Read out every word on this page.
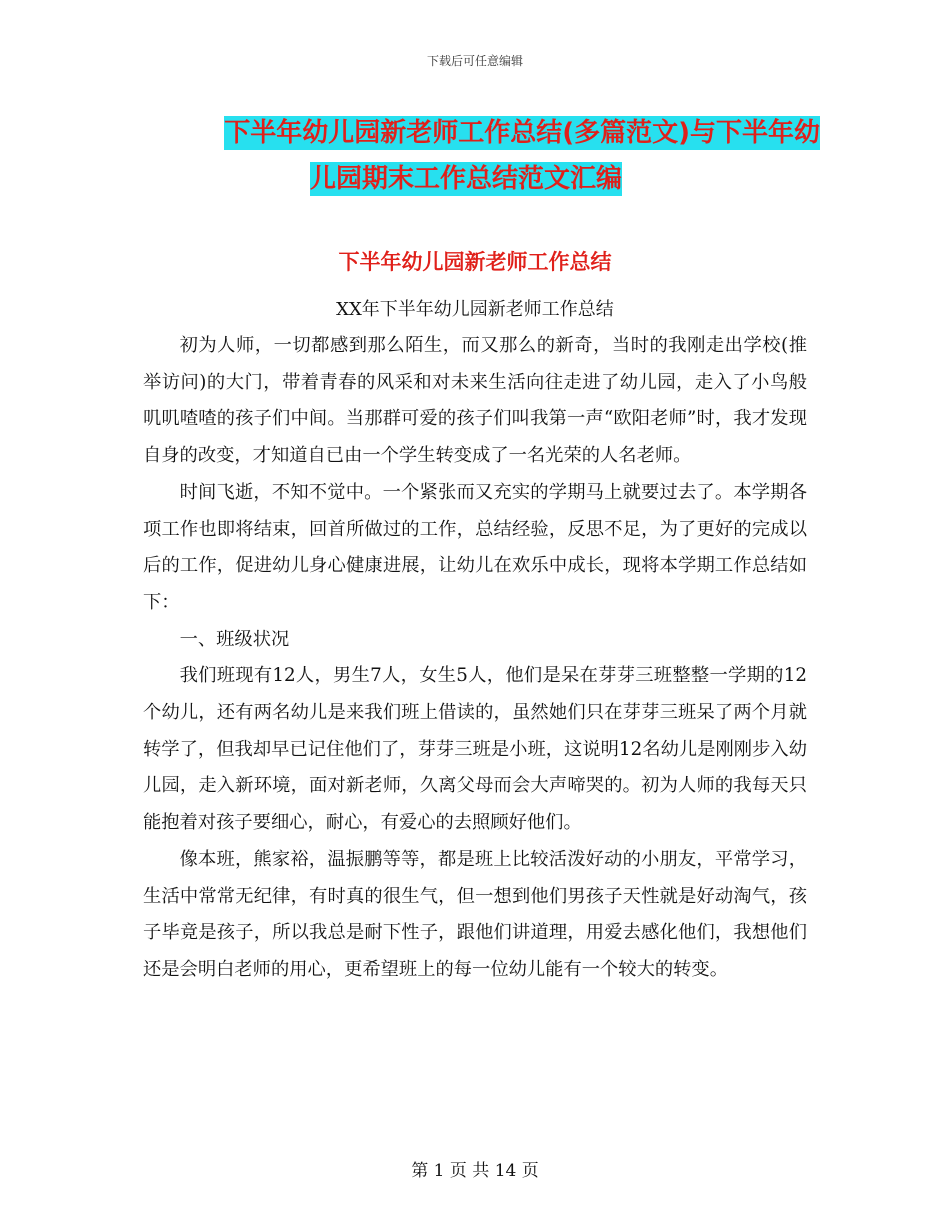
下载后可任意编辑
下半年幼儿园新老师工作总结(多篇范文)与下半年幼
儿园期末工作总结范文汇编
下半年幼儿园新老师工作总结

XX年下半年幼儿园新老师工作总结

初为人师，一切都感到那么陌生，而又那么的新奇，当时的我刚走出学校(推举访问)的大门，带着青春的风采和对未来生活向往走进了幼儿园，走入了小鸟般叽叽喳喳的孩子们中间。当那群可爱的孩子们叫我第一声“欧阳老师”时，我才发现自身的改变，才知道自已由一个学生转变成了一名光荣的人名老师。

时间飞逝，不知不觉中。一个紧张而又充实的学期马上就要过去了。本学期各项工作也即将结束，回首所做过的工作，总结经验，反思不足，为了更好的完成以后的工作，促进幼儿身心健康进展，让幼儿在欢乐中成长，现将本学期工作总结如下：

一、班级状况

我们班现有12人，男生7人，女生5人，他们是呆在芽芽三班整整一学期的12个幼儿，还有两名幼儿是来我们班上借读的，虽然她们只在芽芽三班呆了两个月就转学了，但我却早已记住他们了，芽芽三班是小班，这说明12名幼儿是刚刚步入幼儿园，走入新环境，面对新老师，久离父母而会大声啼哭的。初为人师的我每天只能抱着对孩子要细心，耐心，有爱心的去照顾好他们。

像本班，熊家裕，温振鹏等等，都是班上比较活泼好动的小朋友，平常学习，生活中常常无纪律，有时真的很生气，但一想到他们男孩子天性就是好动淘气，孩子毕竟是孩子，所以我总是耐下性子，跟他们讲道理，用爱去感化他们，我想他们还是会明白老师的用心，更希望班上的每一位幼儿能有一个较大的转变。

第 1 页 共 14 页
